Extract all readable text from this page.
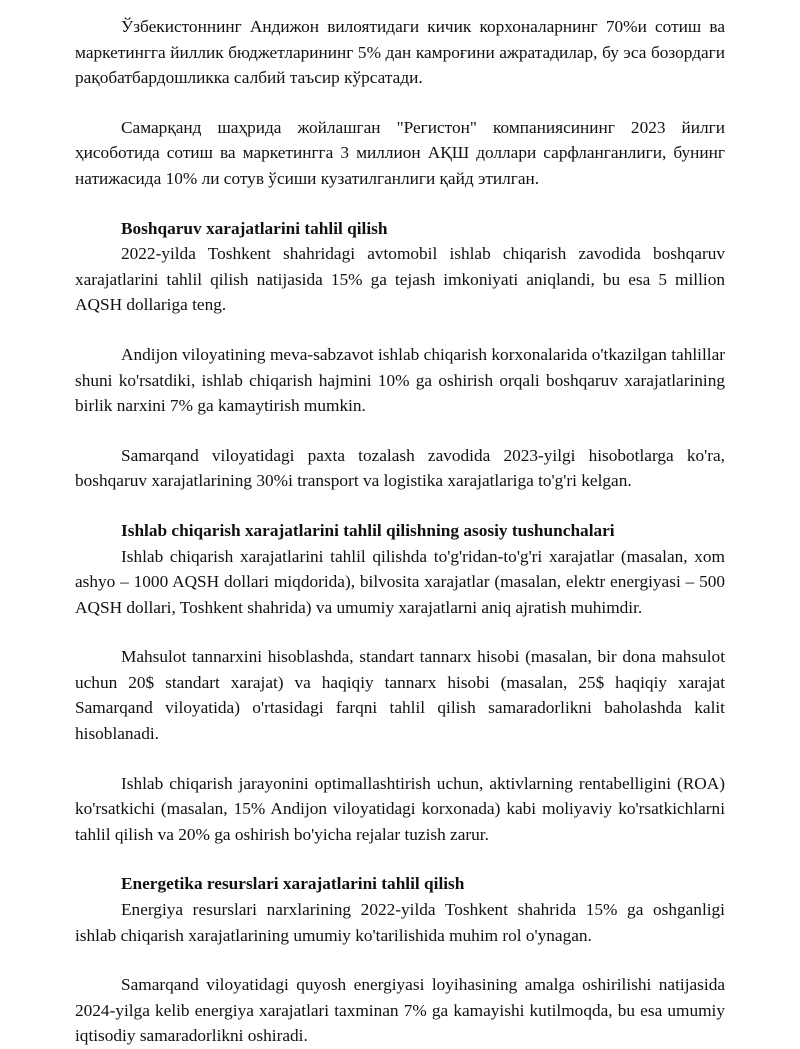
Ўзбекистоннинг Андижон вилоятидаги кичик корхоналарнинг 70%и сотиш ва маркетингга йиллик бюджетларининг 5% дан камроғини ажратадилар, бу эса бозордаги рақобатбардошликка салбий таъсир кўрсатади.

Самарқанд шаҳрида жойлашган "Регистон" компаниясининг 2023 йилги ҳисоботида сотиш ва маркетингга 3 миллион АҚШ доллари сарфланганлиги, бунинг натижасида 10% ли сотув ўсиши кузатилганлиги қайд этилган.

Boshqaruv xarajatlarini tahlil qilish

2022-yilda Toshkent shahridagi avtomobil ishlab chiqarish zavodida boshqaruv xarajatlarini tahlil qilish natijasida 15% ga tejash imkoniyati aniqlandi, bu esa 5 million AQSH dollariga teng.

Andijon viloyatining meva-sabzavot ishlab chiqarish korxonalarida o'tkazilgan tahlillar shuni ko'rsatdiki, ishlab chiqarish hajmini 10% ga oshirish orqali boshqaruv xarajatlarining birlik narxini 7% ga kamaytirish mumkin.

Samarqand viloyatidagi paxta tozalash zavodida 2023-yilgi hisobotlarga ko'ra, boshqaruv xarajatlarining 30%i transport va logistika xarajatlariga to'g'ri kelgan.

Ishlab chiqarish xarajatlarini tahlil qilishning asosiy tushunchalari

Ishlab chiqarish xarajatlarini tahlil qilishda to'g'ridan-to'g'ri xarajatlar (masalan, xom ashyo – 1000 AQSH dollari miqdorida), bilvosita xarajatlar (masalan, elektr energiyasi – 500 AQSH dollari, Toshkent shahrida) va umumiy xarajatlarni aniq ajratish muhimdir.

Mahsulot tannarxini hisoblashda, standart tannarx hisobi (masalan, bir dona mahsulot uchun 20$ standart xarajat) va haqiqiy tannarx hisobi (masalan, 25$ haqiqiy xarajat Samarqand viloyatida) o'rtasidagi farqni tahlil qilish samaradorlikni baholashda kalit hisoblanadi.

Ishlab chiqarish jarayonini optimallashtirish uchun, aktivlarning rentabelligini (ROA) ko'rsatkichi (masalan, 15% Andijon viloyatidagi korxonada) kabi moliyaviy ko'rsatkichlarni tahlil qilish va 20% ga oshirish bo'yicha rejalar tuzish zarur.

Energetika resurslari xarajatlarini tahlil qilish

Energiya resurslari narxlarining 2022-yilda Toshkent shahrida 15% ga oshganligi ishlab chiqarish xarajatlarining umumiy ko'tarilishida muhim rol o'ynagan.

Samarqand viloyatidagi quyosh energiyasi loyihasining amalga oshirilishi natijasida 2024-yilga kelib energiya xarajatlari taxminan 7% ga kamayishi kutilmoqda, bu esa umumiy iqtisodiy samaradorlikni oshiradi.
